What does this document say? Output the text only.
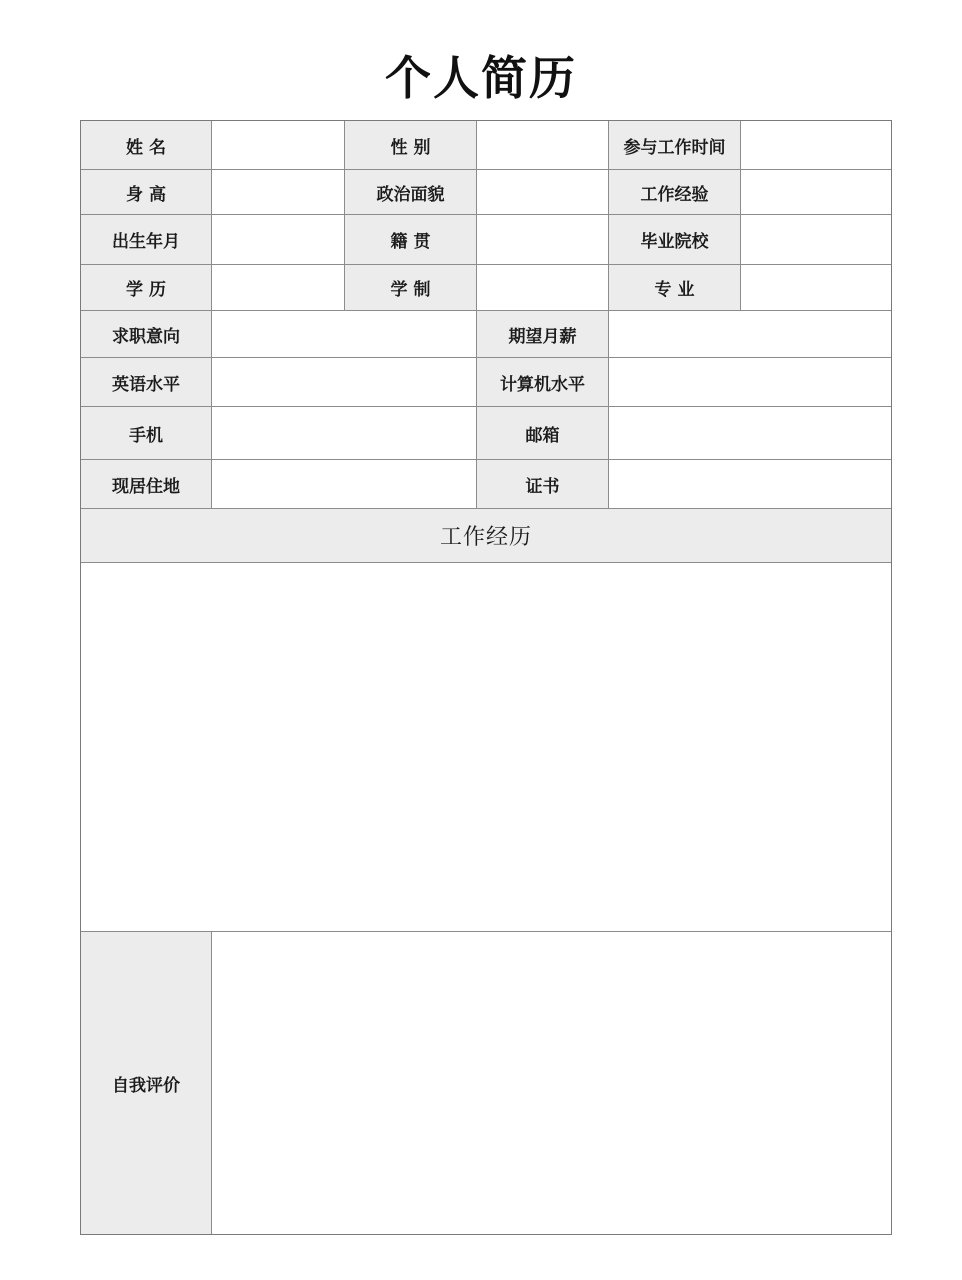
个人简历
姓 名	性 别	参与工作时间
身 高	政治面貌	工作经验
出生年月	籍 贯	毕业院校
学 历	学 制	专 业
求职意向	期望月薪
英语水平	计算机水平
手机	邮箱
现居住地	证书
工作经历
自我评价
